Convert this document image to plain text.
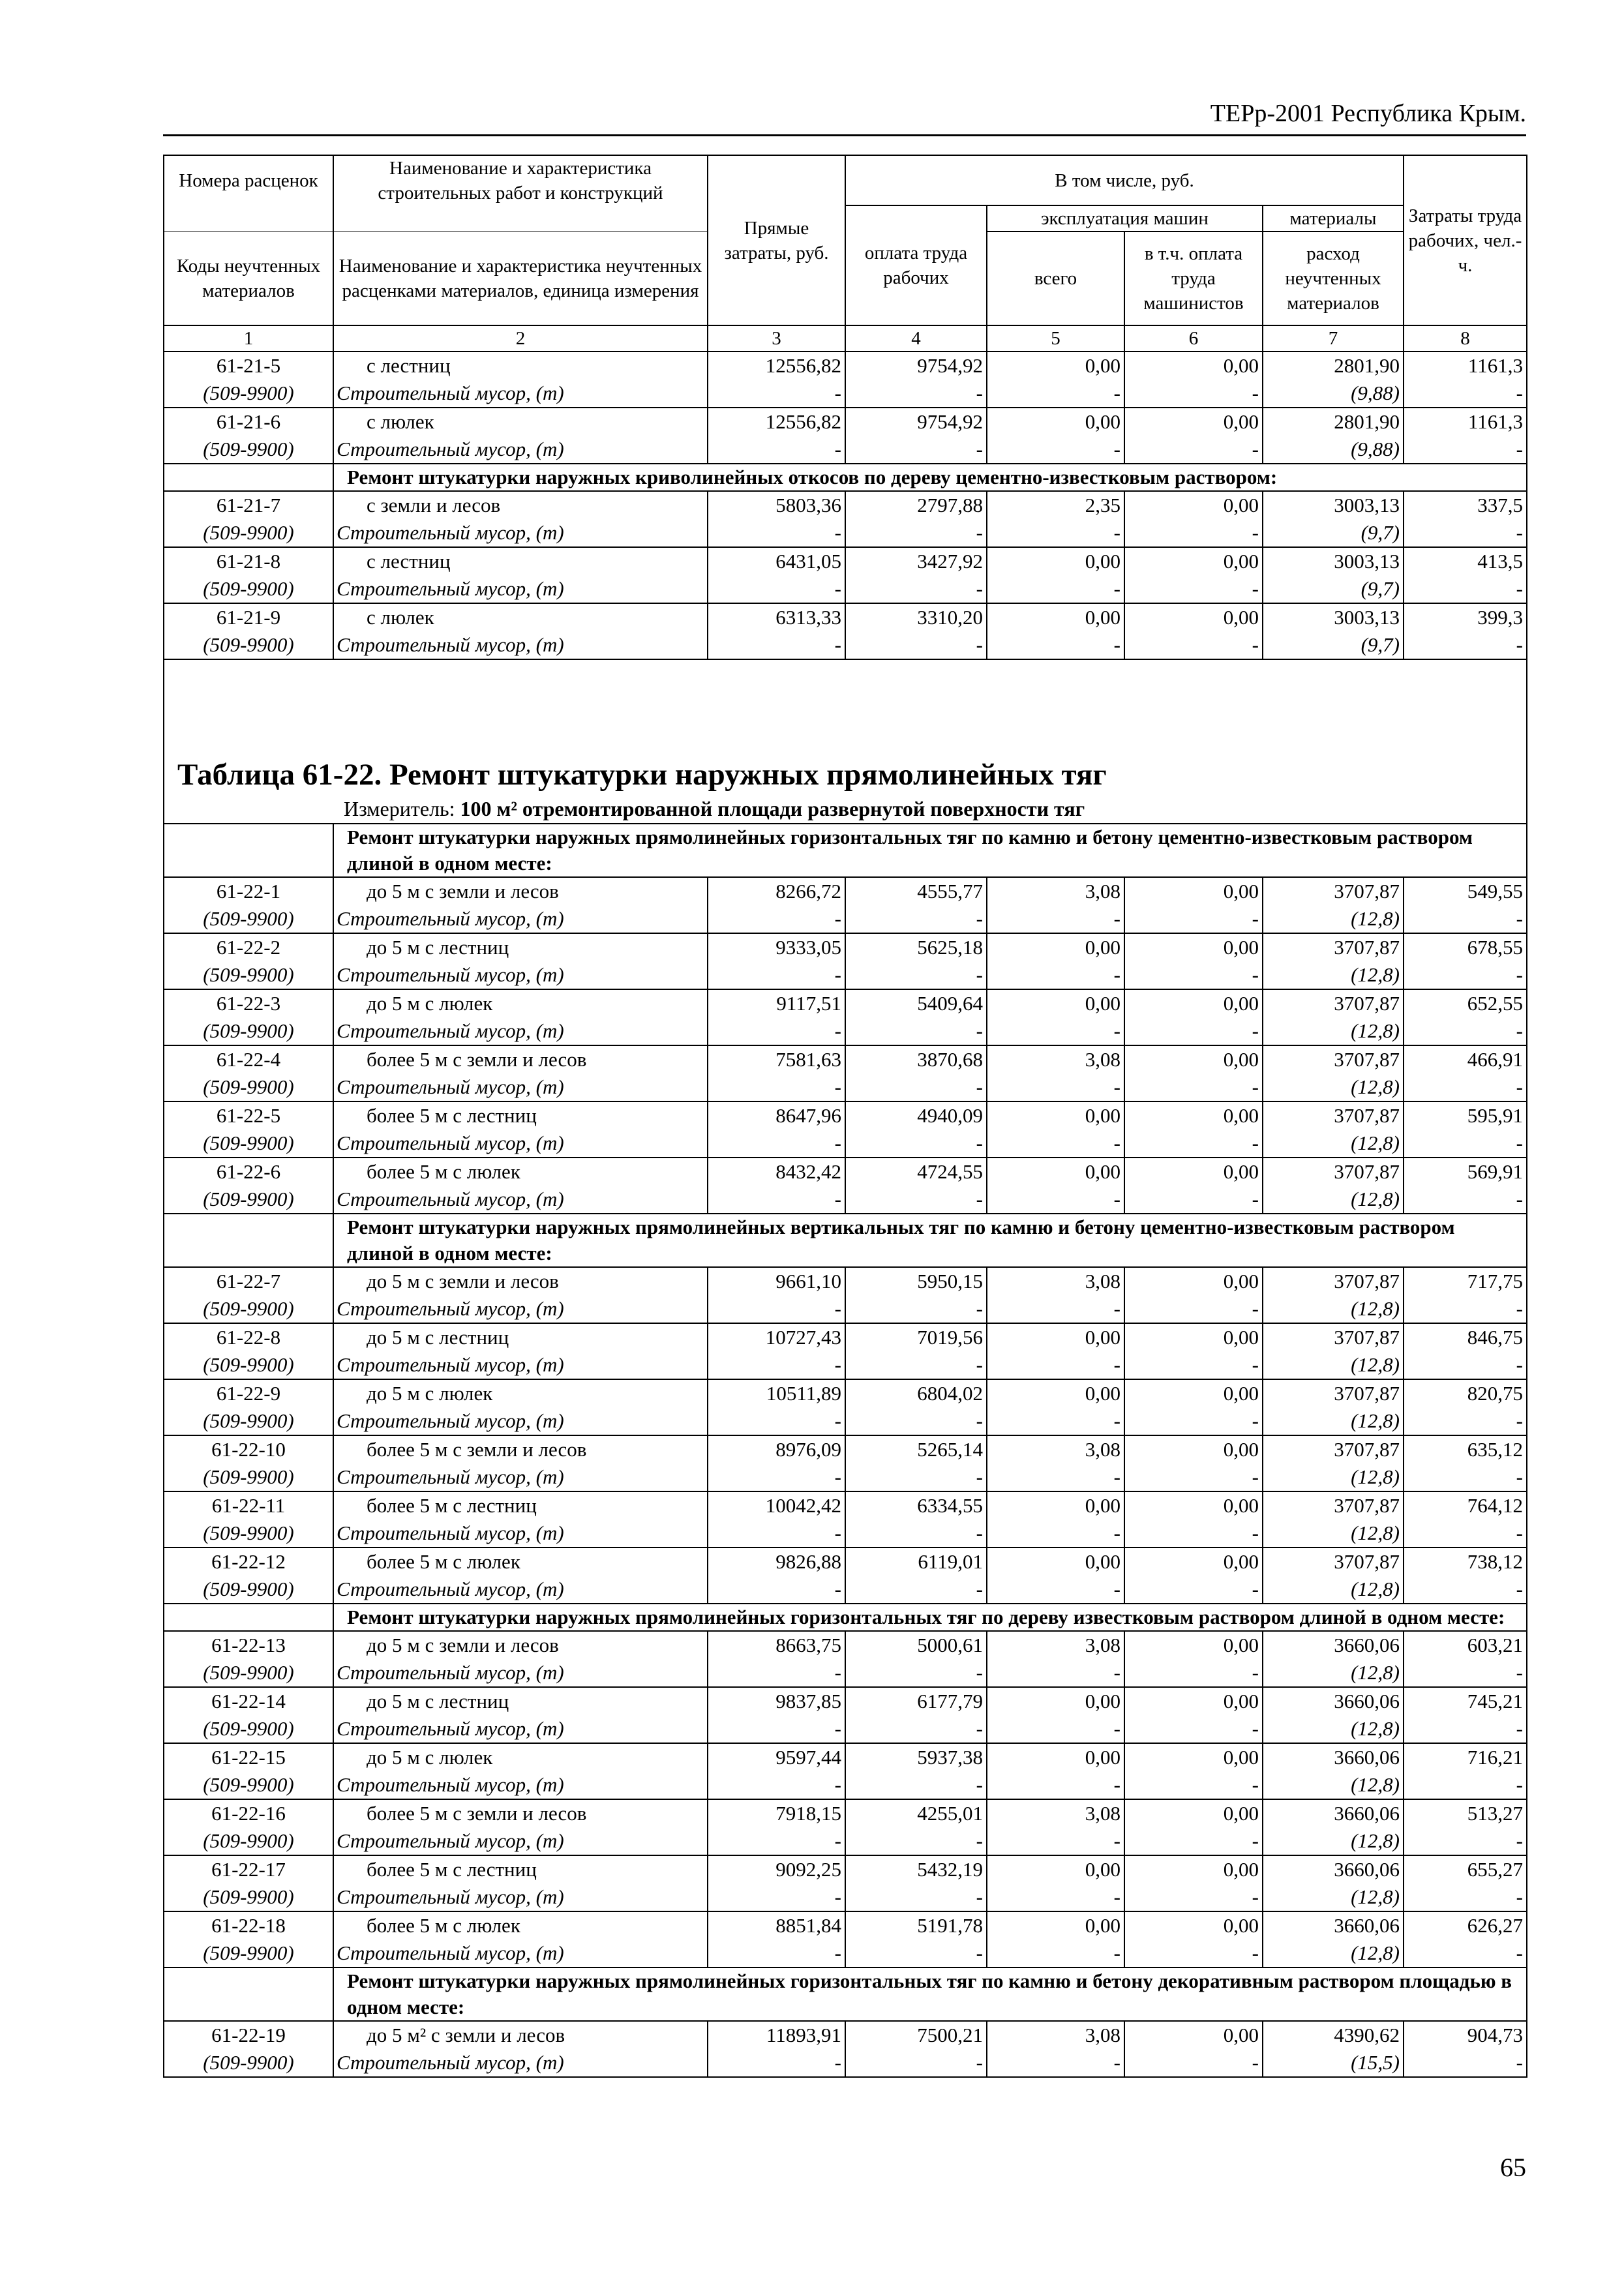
ТЕРр-2001 Республика Крым.
Номера расценок	Наименование и характеристика строительных работ и конструкций	Прямые затраты, руб.	В том числе, руб.				Затраты труда рабочих, чел.-ч.
			оплата труда рабочих	эксплуатация машин		материалы	
Коды неучтенных материалов	Наименование и характеристика неучтенных расценками материалов, единица измерения			всего	в т.ч. оплата труда машинистов	расход неучтенных материалов	

1	2	3	4	5	6	7	8
61-21-5	с лестниц	12556,82	9754,92	0,00	0,00	2801,90	1161,3
(509-9900)	Строительный мусор, (т)	-	-	-	-	(9,88)	-
61-21-6	с люлек	12556,82	9754,92	0,00	0,00	2801,90	1161,3
(509-9900)	Строительный мусор, (т)	-	-	-	-	(9,88)	-
	Ремонт штукатурки наружных криволинейных откосов по дереву цементно-известковым раствором:						
61-21-7	с земли и лесов	5803,36	2797,88	2,35	0,00	3003,13	337,5
(509-9900)	Строительный мусор, (т)	-	-	-	-	(9,7)	-
61-21-8	с лестниц	6431,05	3427,92	0,00	0,00	3003,13	413,5
(509-9900)	Строительный мусор, (т)	-	-	-	-	(9,7)	-
61-21-9	с люлек	6313,33	3310,20	0,00	0,00	3003,13	399,3
(509-9900)	Строительный мусор, (т)	-	-	-	-	(9,7)	-

Таблица 61-22. Ремонт штукатурки наружных прямолинейных тяг
Измеритель: 100 м² отремонтированной площади развернутой поверхности тяг							

	Ремонт штукатурки наружных прямолинейных горизонтальных тяг по камню и бетону цементно-известковым раствором длиной в одном месте:						
61-22-1	до 5 м с земли и лесов	8266,72	4555,77	3,08	0,00	3707,87	549,55
(509-9900)	Строительный мусор, (т)	-	-	-	-	(12,8)	-
61-22-2	до 5 м с лестниц	9333,05	5625,18	0,00	0,00	3707,87	678,55
(509-9900)	Строительный мусор, (т)	-	-	-	-	(12,8)	-
61-22-3	до 5 м с люлек	9117,51	5409,64	0,00	0,00	3707,87	652,55
(509-9900)	Строительный мусор, (т)	-	-	-	-	(12,8)	-
61-22-4	более 5 м с земли и лесов	7581,63	3870,68	3,08	0,00	3707,87	466,91
(509-9900)	Строительный мусор, (т)	-	-	-	-	(12,8)	-
61-22-5	более 5 м с лестниц	8647,96	4940,09	0,00	0,00	3707,87	595,91
(509-9900)	Строительный мусор, (т)	-	-	-	-	(12,8)	-
61-22-6	более 5 м с люлек	8432,42	4724,55	0,00	0,00	3707,87	569,91
(509-9900)	Строительный мусор, (т)	-	-	-	-	(12,8)	-
	Ремонт штукатурки наружных прямолинейных вертикальных тяг по камню и бетону цементно-известковым раствором длиной в одном месте:						
61-22-7	до 5 м с земли и лесов	9661,10	5950,15	3,08	0,00	3707,87	717,75
(509-9900)	Строительный мусор, (т)	-	-	-	-	(12,8)	-
61-22-8	до 5 м с лестниц	10727,43	7019,56	0,00	0,00	3707,87	846,75
(509-9900)	Строительный мусор, (т)	-	-	-	-	(12,8)	-
61-22-9	до 5 м с люлек	10511,89	6804,02	0,00	0,00	3707,87	820,75
(509-9900)	Строительный мусор, (т)	-	-	-	-	(12,8)	-
61-22-10	более 5 м с земли и лесов	8976,09	5265,14	3,08	0,00	3707,87	635,12
(509-9900)	Строительный мусор, (т)	-	-	-	-	(12,8)	-
61-22-11	более 5 м с лестниц	10042,42	6334,55	0,00	0,00	3707,87	764,12
(509-9900)	Строительный мусор, (т)	-	-	-	-	(12,8)	-
61-22-12	более 5 м с люлек	9826,88	6119,01	0,00	0,00	3707,87	738,12
(509-9900)	Строительный мусор, (т)	-	-	-	-	(12,8)	-
	Ремонт штукатурки наружных прямолинейных горизонтальных тяг по дереву известковым раствором длиной в одном месте:						
61-22-13	до 5 м с земли и лесов	8663,75	5000,61	3,08	0,00	3660,06	603,21
(509-9900)	Строительный мусор, (т)	-	-	-	-	(12,8)	-
61-22-14	до 5 м с лестниц	9837,85	6177,79	0,00	0,00	3660,06	745,21
(509-9900)	Строительный мусор, (т)	-	-	-	-	(12,8)	-
61-22-15	до 5 м с люлек	9597,44	5937,38	0,00	0,00	3660,06	716,21
(509-9900)	Строительный мусор, (т)	-	-	-	-	(12,8)	-
61-22-16	более 5 м с земли и лесов	7918,15	4255,01	3,08	0,00	3660,06	513,27
(509-9900)	Строительный мусор, (т)	-	-	-	-	(12,8)	-
61-22-17	более 5 м с лестниц	9092,25	5432,19	0,00	0,00	3660,06	655,27
(509-9900)	Строительный мусор, (т)	-	-	-	-	(12,8)	-
61-22-18	более 5 м с люлек	8851,84	5191,78	0,00	0,00	3660,06	626,27
(509-9900)	Строительный мусор, (т)	-	-	-	-	(12,8)	-
	Ремонт штукатурки наружных прямолинейных горизонтальных тяг по камню и бетону декоративным раствором площадью в одном месте:						
61-22-19	до 5 м² с земли и лесов	11893,91	7500,21	3,08	0,00	4390,62	904,73
(509-9900)	Строительный мусор, (т)	-	-	-	-	(15,5)	-
65
